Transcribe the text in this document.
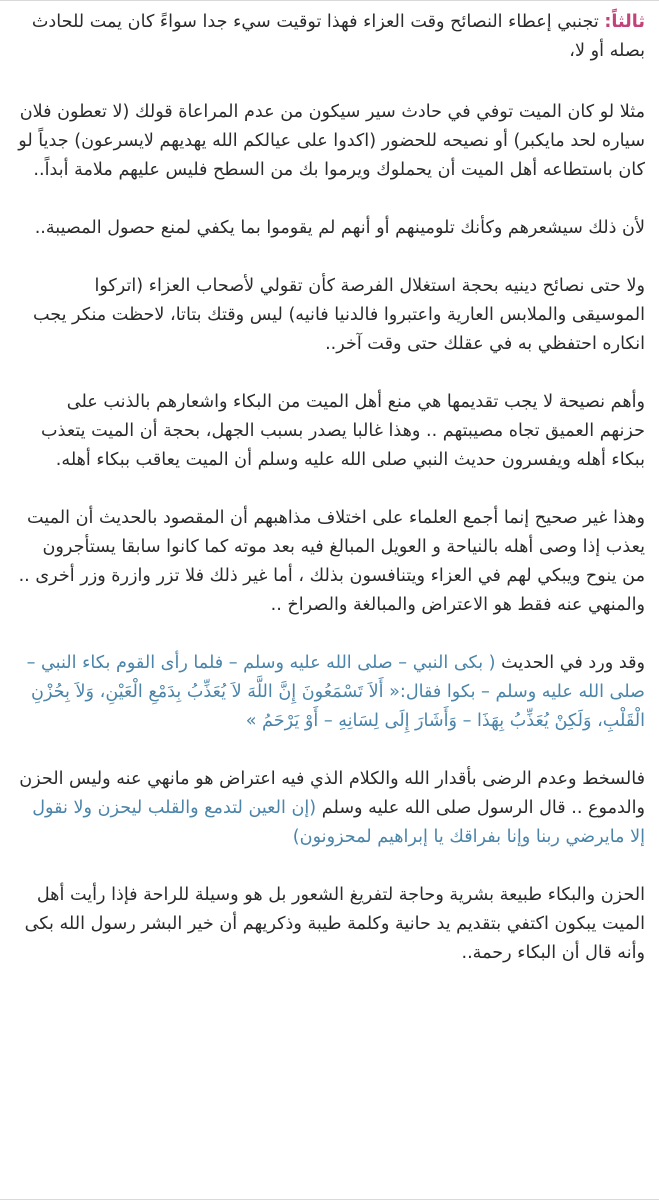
ثالثاً: تجنبي إعطاء النصائح وقت العزاء فهذا توقيت سيء جدا سواءً كان يمت للحادث بصله أو لا،

مثلا لو كان الميت توفي في حادث سير سيكون من عدم المراعاة قولك (لا تعطون فلان سياره لحد مايكبر) أو نصيحه للحضور (اكدوا على عيالكم الله يهديهم لايسرعون) جدياً لو كان باستطاعه أهل الميت أن يحملوك ويرموا بك من السطح فليس عليهم ملامة أبداً..

لأن ذلك سيشعرهم وكأنك تلومينهم أو أنهم لم يقوموا بما يكفي لمنع حصول المصيبة..

ولا حتى نصائح دينيه بحجة استغلال الفرصة كأن تقولي لأصحاب العزاء (اتركوا الموسيقى والملابس العارية واعتبروا فالدنيا فانيه) ليس وقتك بتاتا، لاحظت منكر يجب انكاره احتفظي به في عقلك حتى وقت آخر..

وأهم نصيحة لا يجب تقديمها هي منع أهل الميت من البكاء واشعارهم بالذنب على حزنهم العميق تجاه مصيبتهم .. وهذا غالبا يصدر بسبب الجهل، بحجة أن الميت يتعذب ببكاء أهله ويفسرون حديث النبي صلى الله عليه وسلم أن الميت يعاقب ببكاء أهله.

وهذا غير صحيح إنما أجمع العلماء على اختلاف مذاهبهم أن المقصود بالحديث أن الميت يعذب إذا وصى أهله بالنياحة و العويل المبالغ فيه بعد موته كما كانوا سابقا يستأجرون من ينوح ويبكي لهم في العزاء ويتنافسون بذلك ، أما غير ذلك فلا تزر وازرة وزر أخرى .. والمنهي عنه فقط هو الاعتراض والمبالغة والصراخ ..

وقد ورد في الحديث ( بكى النبي – صلى الله عليه وسلم – فلما رأى القوم بكاء النبي – صلى الله عليه وسلم – بكوا فقال:« أَلاَ تَسْمَعُونَ إِنَّ اللَّهَ لاَ يُعَذِّبُ بِدَمْعِ الْعَيْنِ، وَلاَ بِحُزْنِ الْقَلْبِ، وَلَكِنْ يُعَذِّبُ بِهَذَا – وَأَشَارَ إِلَى لِسَانِهِ – أَوْ يَرْحَمُ »

فالسخط وعدم الرضى بأقدار الله والكلام الذي فيه اعتراض هو مانهي عنه وليس الحزن والدموع .. قال الرسول صلى الله عليه وسلم (إن العين لتدمع والقلب ليحزن ولا نقول إلا مايرضي ربنا وإنا بفراقك يا إبراهيم لمحزونون)

الحزن والبكاء طبيعة بشرية وحاجة لتفريغ الشعور بل هو وسيلة للراحة فإذا رأيت أهل الميت يبكون اكتفي بتقديم يد حانية وكلمة طيبة وذكريهم أن خير البشر رسول الله بكى وأنه قال أن البكاء رحمة..
